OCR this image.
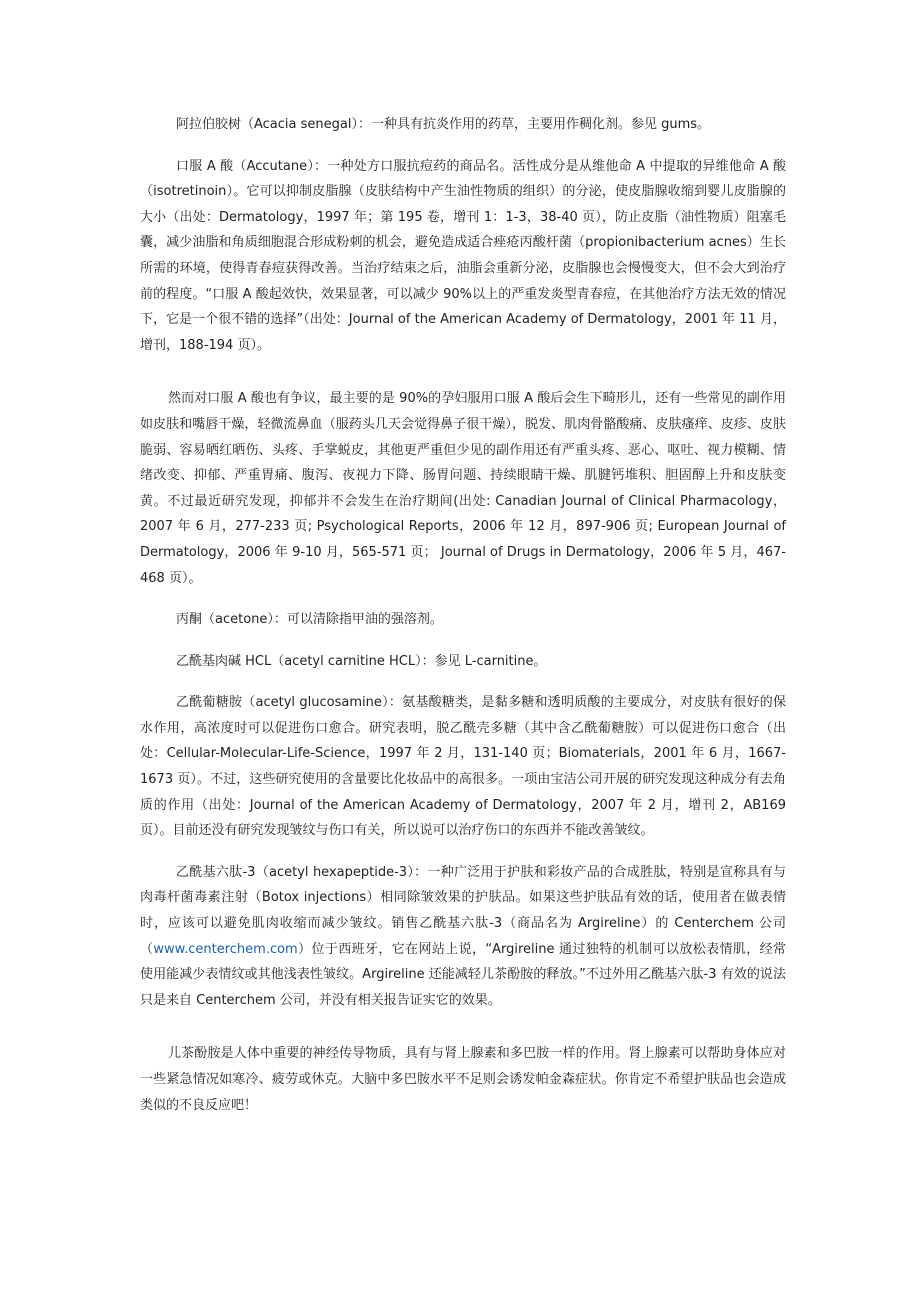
阿拉伯胶树（Acacia senegal）：一种具有抗炎作用的药草，主要用作稠化剂。参见 gums。

口服 A 酸（Accutane）：一种处方口服抗痘药的商品名。活性成分是从维他命 A 中提取的异维他命 A 酸（isotretinoin）。它可以抑制皮脂腺（皮肤结构中产生油性物质的组织）的分泌，使皮脂腺收缩到婴儿皮脂腺的大小（出处：Dermatology，1997 年；第 195 卷，增刊 1：1-3，38-40 页），防止皮脂（油性物质）阻塞毛囊，减少油脂和角质细胞混合形成粉刺的机会，避免造成适合痤疮丙酸杆菌（propionibacterium acnes）生长所需的环境，使得青春痘获得改善。当治疗结束之后，油脂会重新分泌，皮脂腺也会慢慢变大，但不会大到治疗前的程度。“口服 A 酸起效快，效果显著，可以减少 90%以上的严重发炎型青春痘，在其他治疗方法无效的情况下，它是一个很不错的选择”（出处：Journal of the American Academy of Dermatology，2001 年 11 月，增刊，188-194 页）。

然而对口服 A 酸也有争议，最主要的是 90%的孕妇服用口服 A 酸后会生下畸形儿，还有一些常见的副作用如皮肤和嘴唇干燥，轻微流鼻血（服药头几天会觉得鼻子很干燥），脱发、肌肉骨骼酸痛、皮肤瘙痒、皮疹、皮肤脆弱、容易晒红晒伤、头疼、手掌蜕皮，其他更严重但少见的副作用还有严重头疼、恶心、呕吐、视力模糊、情绪改变、抑郁、严重胃痛、腹泻、夜视力下降、肠胃问题、持续眼睛干燥、肌腱钙堆积、胆固醇上升和皮肤变黄。不过最近研究发现，抑郁并不会发生在治疗期间(出处: Canadian Journal of Clinical Pharmacology，2007 年 6 月，277-233 页; Psychological Reports，2006 年 12 月，897-906 页; European Journal of Dermatology，2006 年 9-10 月，565-571 页； Journal of Drugs in Dermatology，2006 年 5 月，467-468 页）。

丙酮（acetone）：可以清除指甲油的强溶剂。

乙酰基肉碱 HCL（acetyl carnitine HCL）：参见 L-carnitine。

乙酰葡糖胺（acetyl glucosamine）：氨基酸糖类，是黏多糖和透明质酸的主要成分，对皮肤有很好的保水作用，高浓度时可以促进伤口愈合。研究表明，脱乙酰壳多糖（其中含乙酰葡糖胺）可以促进伤口愈合（出处：Cellular-Molecular-Life-Science，1997 年 2 月，131-140 页；Biomaterials，2001 年 6 月，1667-1673 页）。不过，这些研究使用的含量要比化妆品中的高很多。一项由宝洁公司开展的研究发现这种成分有去角质的作用（出处：Journal of the American Academy of Dermatology，2007 年 2 月，增刊 2，AB169 页）。目前还没有研究发现皱纹与伤口有关，所以说可以治疗伤口的东西并不能改善皱纹。

乙酰基六肽-3（acetyl hexapeptide-3）：一种广泛用于护肤和彩妆产品的合成胜肽，特别是宣称具有与肉毒杆菌毒素注射（Botox injections）相同除皱效果的护肤品。如果这些护肤品有效的话，使用者在做表情时，应该可以避免肌肉收缩而减少皱纹。销售乙酰基六肽-3（商品名为 Argireline）的 Centerchem 公司（www.centerchem.com）位于西班牙，它在网站上说，“Argireline 通过独特的机制可以放松表情肌，经常使用能减少表情纹或其他浅表性皱纹。Argireline 还能减轻儿茶酚胺的释放。”不过外用乙酰基六肽-3 有效的说法只是来自 Centerchem 公司，并没有相关报告证实它的效果。

儿茶酚胺是人体中重要的神经传导物质，具有与肾上腺素和多巴胺一样的作用。肾上腺素可以帮助身体应对一些紧急情况如寒冷、疲劳或休克。大脑中多巴胺水平不足则会诱发帕金森症状。你肯定不希望护肤品也会造成类似的不良反应吧！
